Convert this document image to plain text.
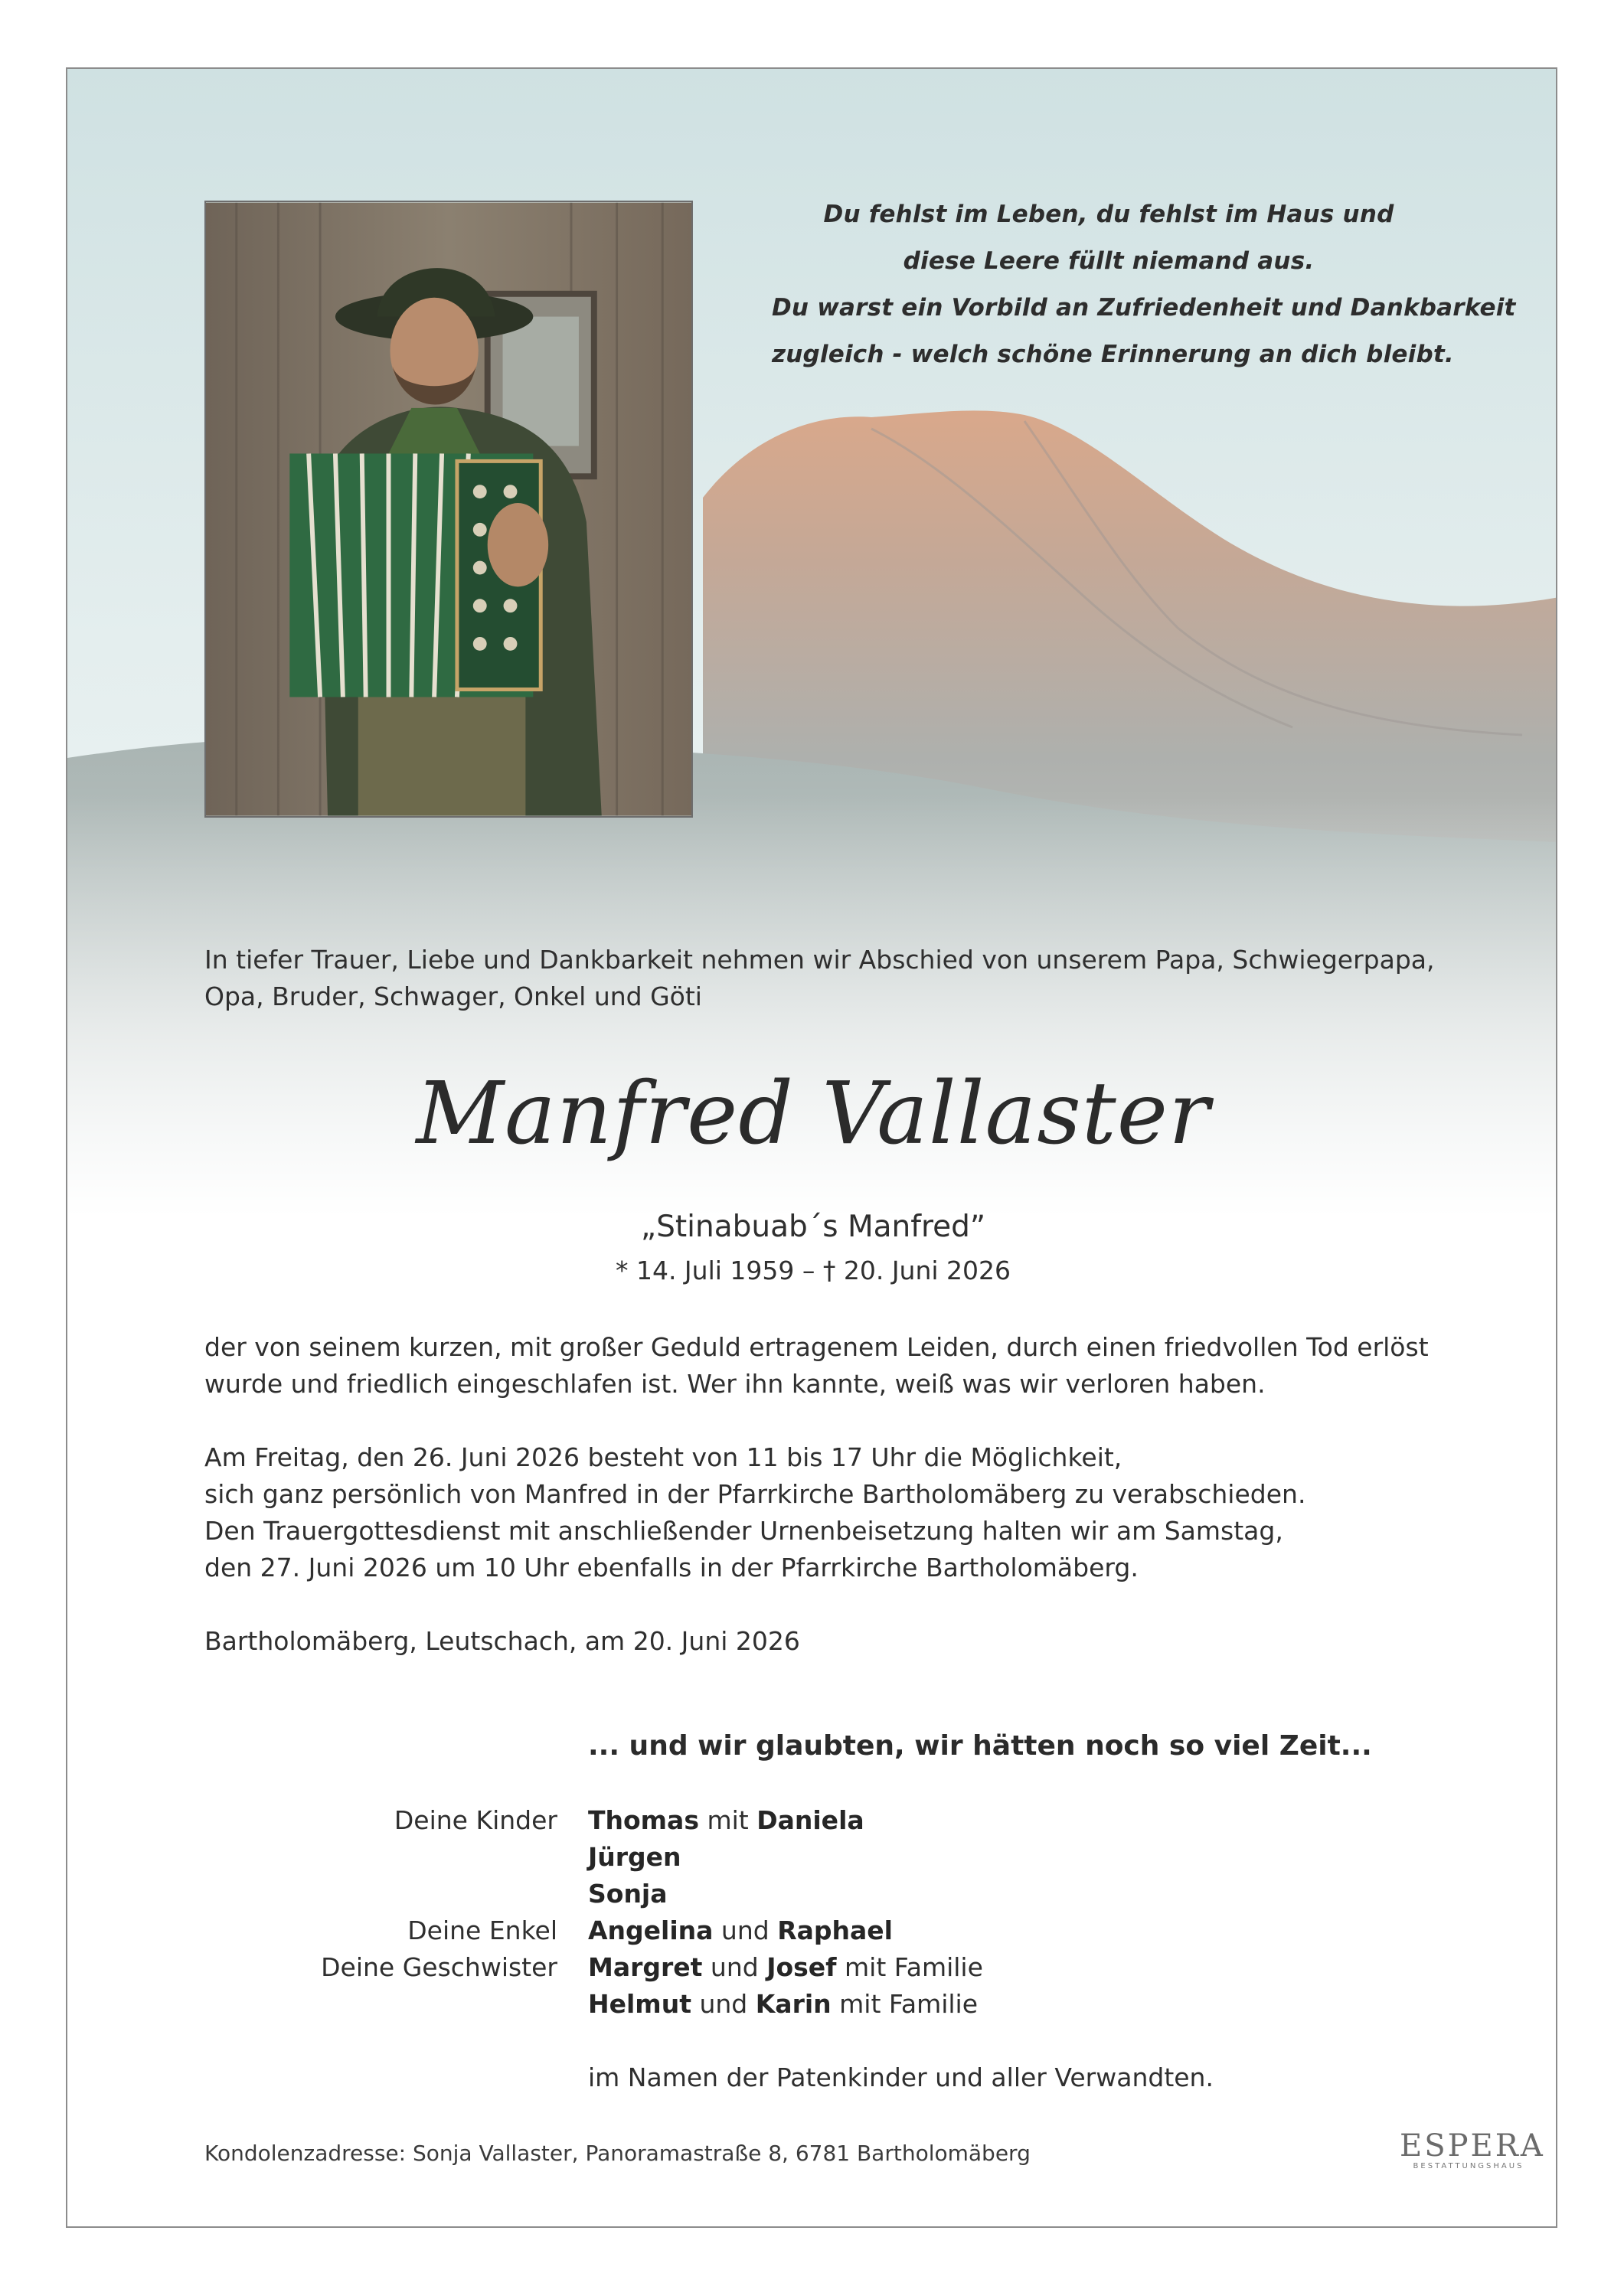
Du fehlst im Leben, du fehlst im Haus und
diese Leere füllt niemand aus.
Du warst ein Vorbild an Zufriedenheit und Dankbarkeit
zugleich - welch schöne Erinnerung an dich bleibt.
In tiefer Trauer, Liebe und Dankbarkeit nehmen wir Abschied von unserem Papa, Schwiegerpapa,
Opa, Bruder, Schwager, Onkel und Göti
Manfred Vallaster
„Stinabuab´s Manfred”
* 14. Juli 1959 – † 20. Juni 2026
der von seinem kurzen, mit großer Geduld ertragenem Leiden, durch einen friedvollen Tod erlöst
wurde und friedlich eingeschlafen ist. Wer ihn kannte, weiß was wir verloren haben.
Am Freitag, den 26. Juni 2026 besteht von 11 bis 17 Uhr die Möglichkeit,
sich ganz persönlich von Manfred in der Pfarrkirche Bartholomäberg zu verabschieden.
Den Trauergottesdienst mit anschließender Urnenbeisetzung halten wir am Samstag,
den 27. Juni 2026 um 10 Uhr ebenfalls in der Pfarrkirche Bartholomäberg.
Bartholomäberg, Leutschach, am 20. Juni 2026
... und wir glaubten, wir hätten noch so viel Zeit...
Deine Kinder Thomas mit Daniela
Jürgen
Sonja
Deine Enkel Angelina und Raphael
Deine Geschwister Margret und Josef mit Familie
Helmut und Karin mit Familie
im Namen der Patenkinder und aller Verwandten.
Kondolenzadresse: Sonja Vallaster, Panoramastraße 8, 6781 Bartholomäberg	ESPERA
BESTATTUNGSHAUS
